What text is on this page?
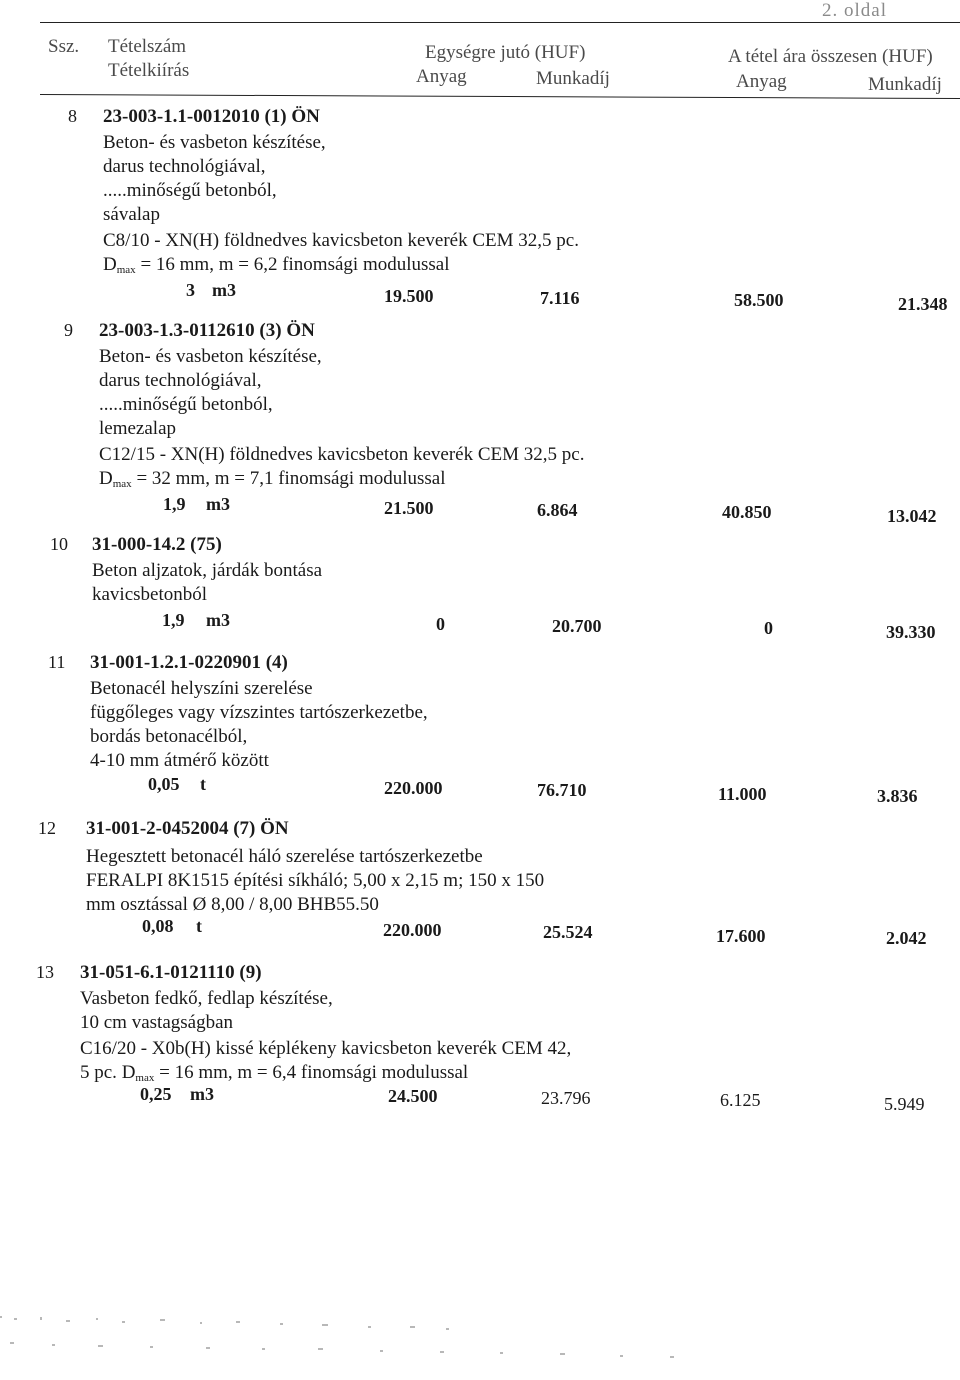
2. oldal
Ssz. Tételszám
Tételkiírás
Egységre jutó (HUF)
Anyag	Munkadíj
A tétel ára összesen (HUF)
Anyag	Munkadíj
8 23-003-1.1-0012010 (1) ÖN
Beton- és vasbeton készítése,
darus technológiával,
.....minőségű betonból,
sávalap
C8/10 - XN(H) földnedves kavicsbeton keverék CEM 32,5 pc.
$D_{max} = 16$ mm, m = 6,2 finomsági modulussal
3 m3	19.500	7.116	58.500	21.348
9 23-003-1.3-0112610 (3) ÖN
Beton- és vasbeton készítése,
darus technológiával,
.....minőségű betonból,
lemezalap
C12/15 - XN(H) földnedves kavicsbeton keverék CEM 32,5 pc.
$D_{max} = 32$ mm, m = 7,1 finomsági modulussal
1,9 m3	21.500	6.864	40.850	13.042
10 31-000-14.2 (75)
Beton aljzatok, járdák bontása
kavicsbetonból
1,9 m3	0	20.700	0	39.330
11 31-001-1.2.1-0220901 (4)
Betonacél helyszíni szerelése
függőleges vagy vízszintes tartószerkezetbe,
bordás betonacélból,
4-10 mm átmérő között
0,05 t	220.000	76.710	11.000	3.836
12 31-001-2-0452004 (7) ÖN
Hegesztett betonacél háló szerelése tartószerkezetbe
FERALPI 8K1515 építési síkháló; 5,00 x 2,15 m; 150 x 150
mm osztással Ø 8,00 / 8,00 BHB55.50
0,08 t	220.000	25.524	17.600	2.042
13 31-051-6.1-0121110 (9)
Vasbeton fedkő, fedlap készítése,
10 cm vastagságban
C16/20 - X0b(H) kissé képlékeny kavicsbeton keverék CEM 42,
5 pc. $D_{max} = 16$ mm, m = 6,4 finomsági modulussal
0,25 m3	24.500	23.796	6.125	5.949
